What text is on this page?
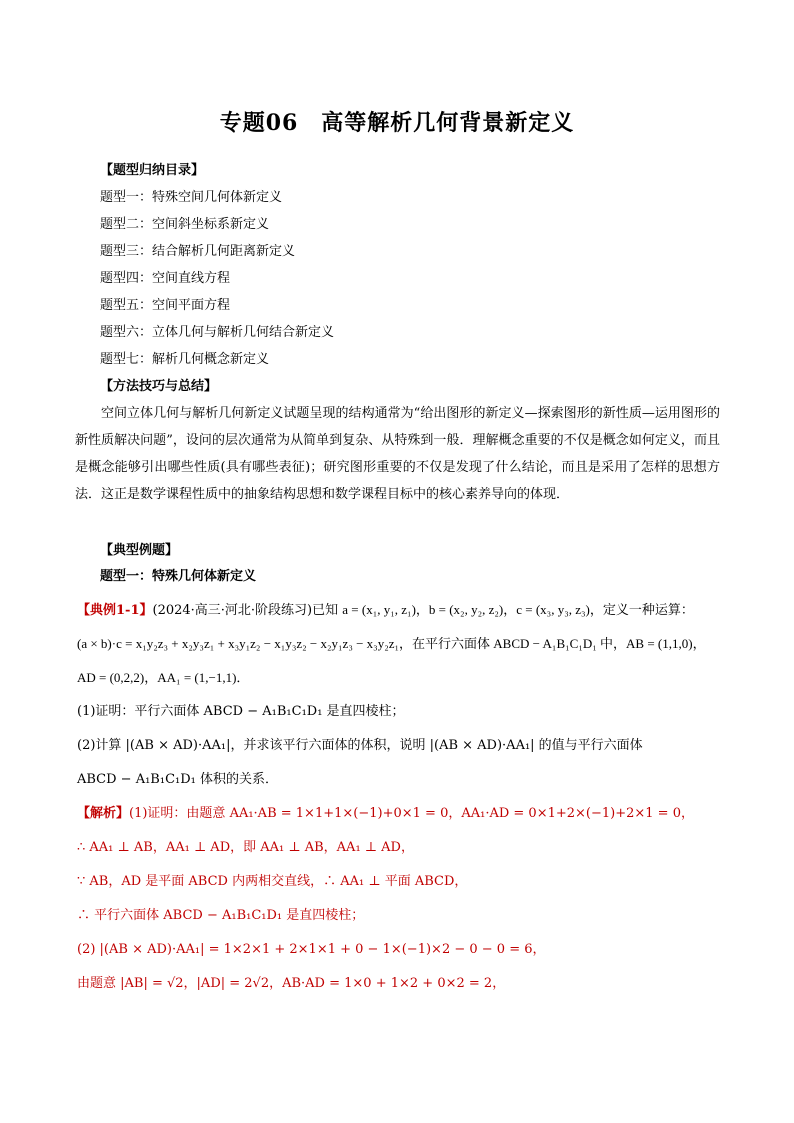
专题06　高等解析几何背景新定义
【题型归纳目录】
题型一：特殊空间几何体新定义
题型二：空间斜坐标系新定义
题型三：结合解析几何距离新定义
题型四：空间直线方程
题型五：空间平面方程
题型六：立体几何与解析几何结合新定义
题型七：解析几何概念新定义
【方法技巧与总结】
空间立体几何与解析几何新定义试题呈现的结构通常为“给出图形的新定义—探索图形的新性质—运用图形的新性质解决问题”，设问的层次通常为从简单到复杂、从特殊到一般．理解概念重要的不仅是概念如何定义，而且是概念能够引出哪些性质(具有哪些表征)；研究图形重要的不仅是发现了什么结论，而且是采用了怎样的思想方法．这正是数学课程性质中的抽象结构思想和数学课程目标中的核心素养导向的体现．
【典型例题】
题型一：特殊几何体新定义
【典例1-1】(2024·高三·河北·阶段练习)已知 a = (x₁, y₁, z₁)，b = (x₂, y₂, z₂)，c = (x₃, y₃, z₃)，定义一种运算：
(a × b)·c = x₁y₂z₃ + x₂y₃z₁ + x₃y₁z₂ − x₁y₃z₂ − x₂y₁z₃ − x₃y₂z₁，在平行六面体 ABCD − A₁B₁C₁D₁ 中，AB = (1,1,0)，
AD = (0,2,2)，AA₁ = (1,−1,1)．
(1)证明：平行六面体 ABCD − A₁B₁C₁D₁ 是直四棱柱；
(2)计算 |(AB × AD)·AA₁|，并求该平行六面体的体积，说明 |(AB × AD)·AA₁| 的值与平行六面体
ABCD − A₁B₁C₁D₁ 体积的关系．
【解析】(1)证明：由题意 AA₁·AB = 1×1+1×(−1)+0×1 = 0，AA₁·AD = 0×1+2×(−1)+2×1 = 0，
∴ AA₁ ⊥ AB，AA₁ ⊥ AD，即 AA₁ ⊥ AB，AA₁ ⊥ AD，
∵ AB，AD 是平面 ABCD 内两相交直线，∴ AA₁ ⊥ 平面 ABCD，
∴ 平行六面体 ABCD − A₁B₁C₁D₁ 是直四棱柱；
(2) |(AB × AD)·AA₁| = 1×2×1 + 2×1×1 + 0 − 1×(−1)×2 − 0 − 0 = 6，
由题意 |AB| = √2，|AD| = 2√2，AB·AD = 1×0 + 1×2 + 0×2 = 2，
